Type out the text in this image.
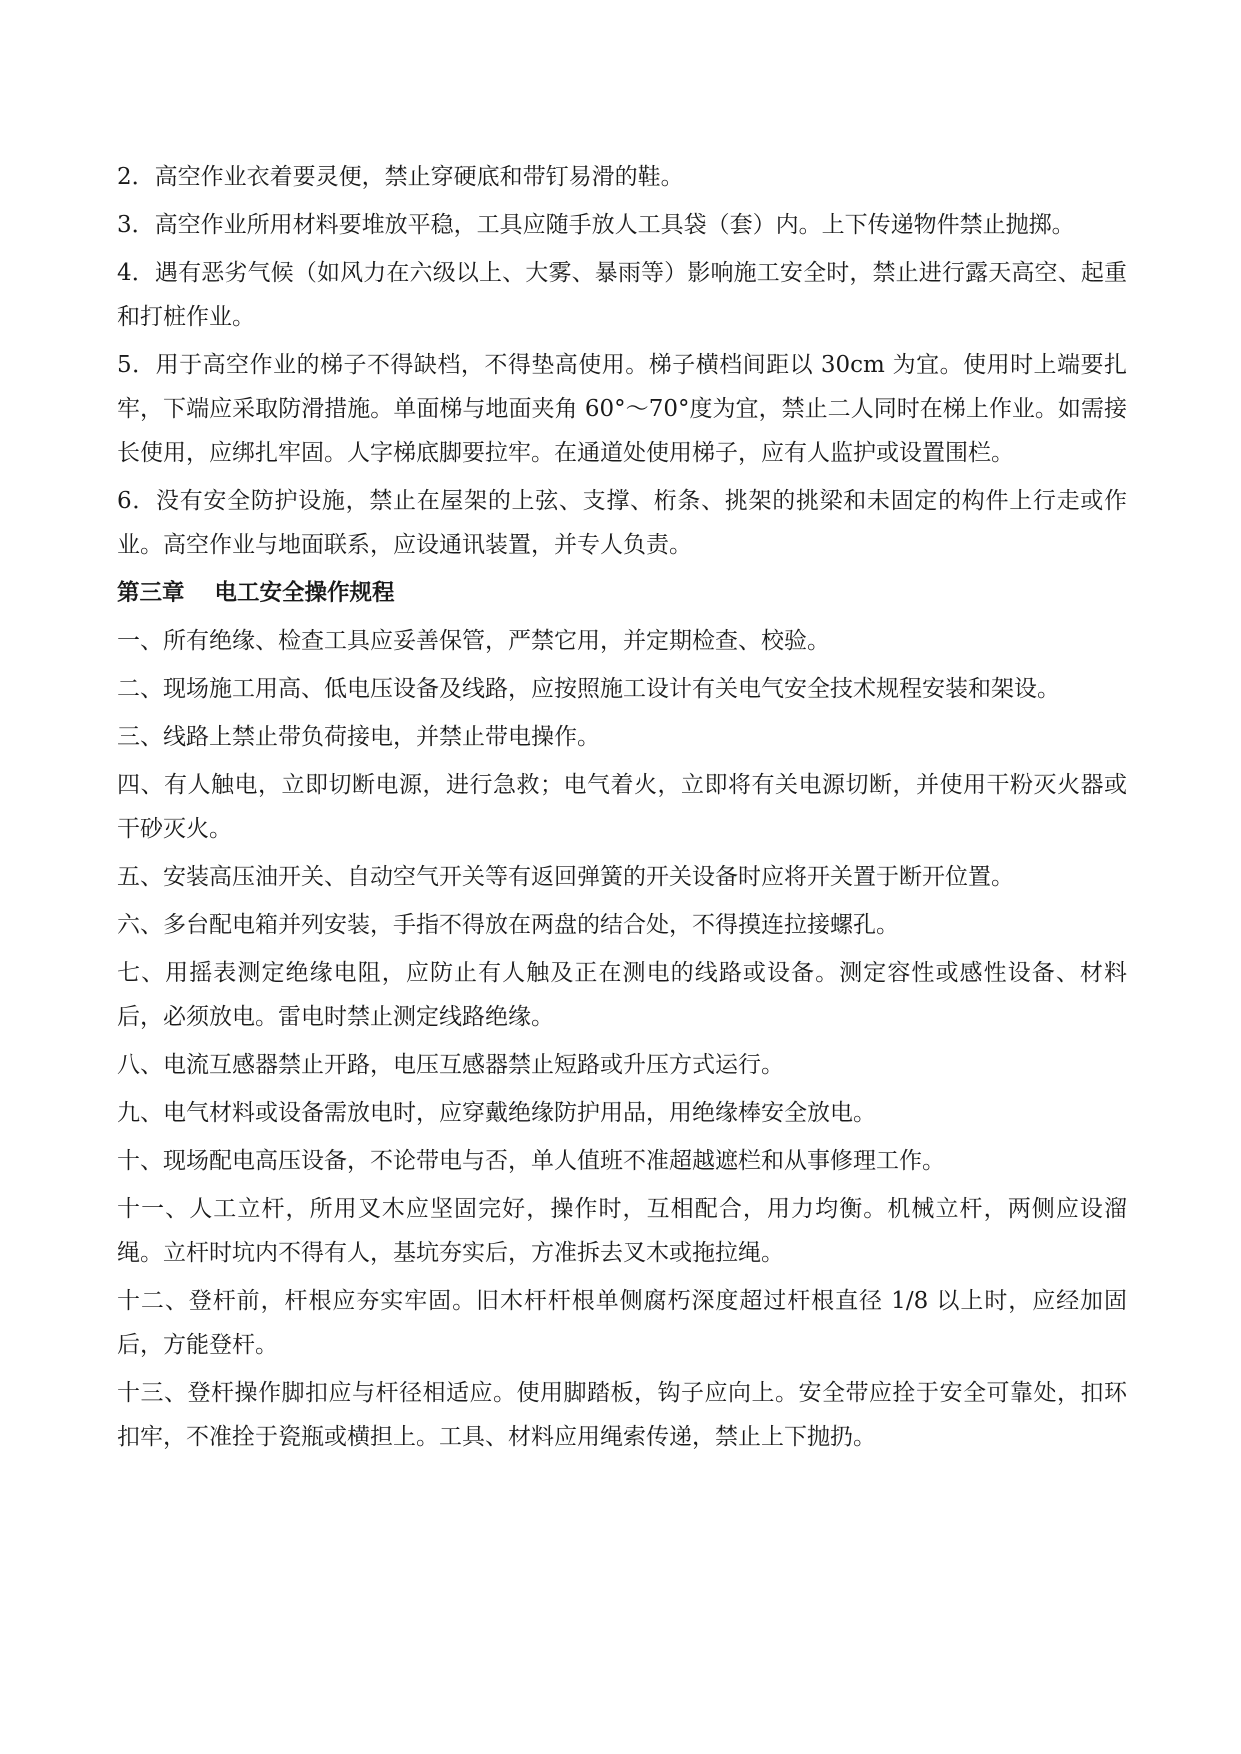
2．高空作业衣着要灵便，禁止穿硬底和带钉易滑的鞋。

3．高空作业所用材料要堆放平稳，工具应随手放人工具袋（套）内。上下传递物件禁止抛掷。

4．遇有恶劣气候（如风力在六级以上、大雾、暴雨等）影响施工安全时，禁止进行露天高空、起重和打桩作业。

5．用于高空作业的梯子不得缺档，不得垫高使用。梯子横档间距以 30cm 为宜。使用时上端要扎牢，下端应采取防滑措施。单面梯与地面夹角 60°～70°度为宜，禁止二人同时在梯上作业。如需接长使用，应绑扎牢固。人字梯底脚要拉牢。在通道处使用梯子，应有人监护或设置围栏。

6．没有安全防护设施，禁止在屋架的上弦、支撑、桁条、挑架的挑梁和未固定的构件上行走或作业。高空作业与地面联系，应设通讯装置，并专人负责。

第三章 电工安全操作规程

一、所有绝缘、检查工具应妥善保管，严禁它用，并定期检查、校验。

二、现场施工用高、低电压设备及线路，应按照施工设计有关电气安全技术规程安装和架设。

三、线路上禁止带负荷接电，并禁止带电操作。

四、有人触电，立即切断电源，进行急救；电气着火，立即将有关电源切断，并使用干粉灭火器或干砂灭火。

五、安装高压油开关、自动空气开关等有返回弹簧的开关设备时应将开关置于断开位置。

六、多台配电箱并列安装，手指不得放在两盘的结合处，不得摸连拉接螺孔。

七、用摇表测定绝缘电阻，应防止有人触及正在测电的线路或设备。测定容性或感性设备、材料后，必须放电。雷电时禁止测定线路绝缘。

八、电流互感器禁止开路，电压互感器禁止短路或升压方式运行。

九、电气材料或设备需放电时，应穿戴绝缘防护用品，用绝缘棒安全放电。

十、现场配电高压设备，不论带电与否，单人值班不准超越遮栏和从事修理工作。

十一、人工立杆，所用叉木应坚固完好，操作时，互相配合，用力均衡。机械立杆，两侧应设溜绳。立杆时坑内不得有人，基坑夯实后，方准拆去叉木或拖拉绳。

十二、登杆前，杆根应夯实牢固。旧木杆杆根单侧腐朽深度超过杆根直径 1/8 以上时，应经加固后，方能登杆。

十三、登杆操作脚扣应与杆径相适应。使用脚踏板，钩子应向上。安全带应拴于安全可靠处，扣环扣牢，不准拴于瓷瓶或横担上。工具、材料应用绳索传递，禁止上下抛扔。
